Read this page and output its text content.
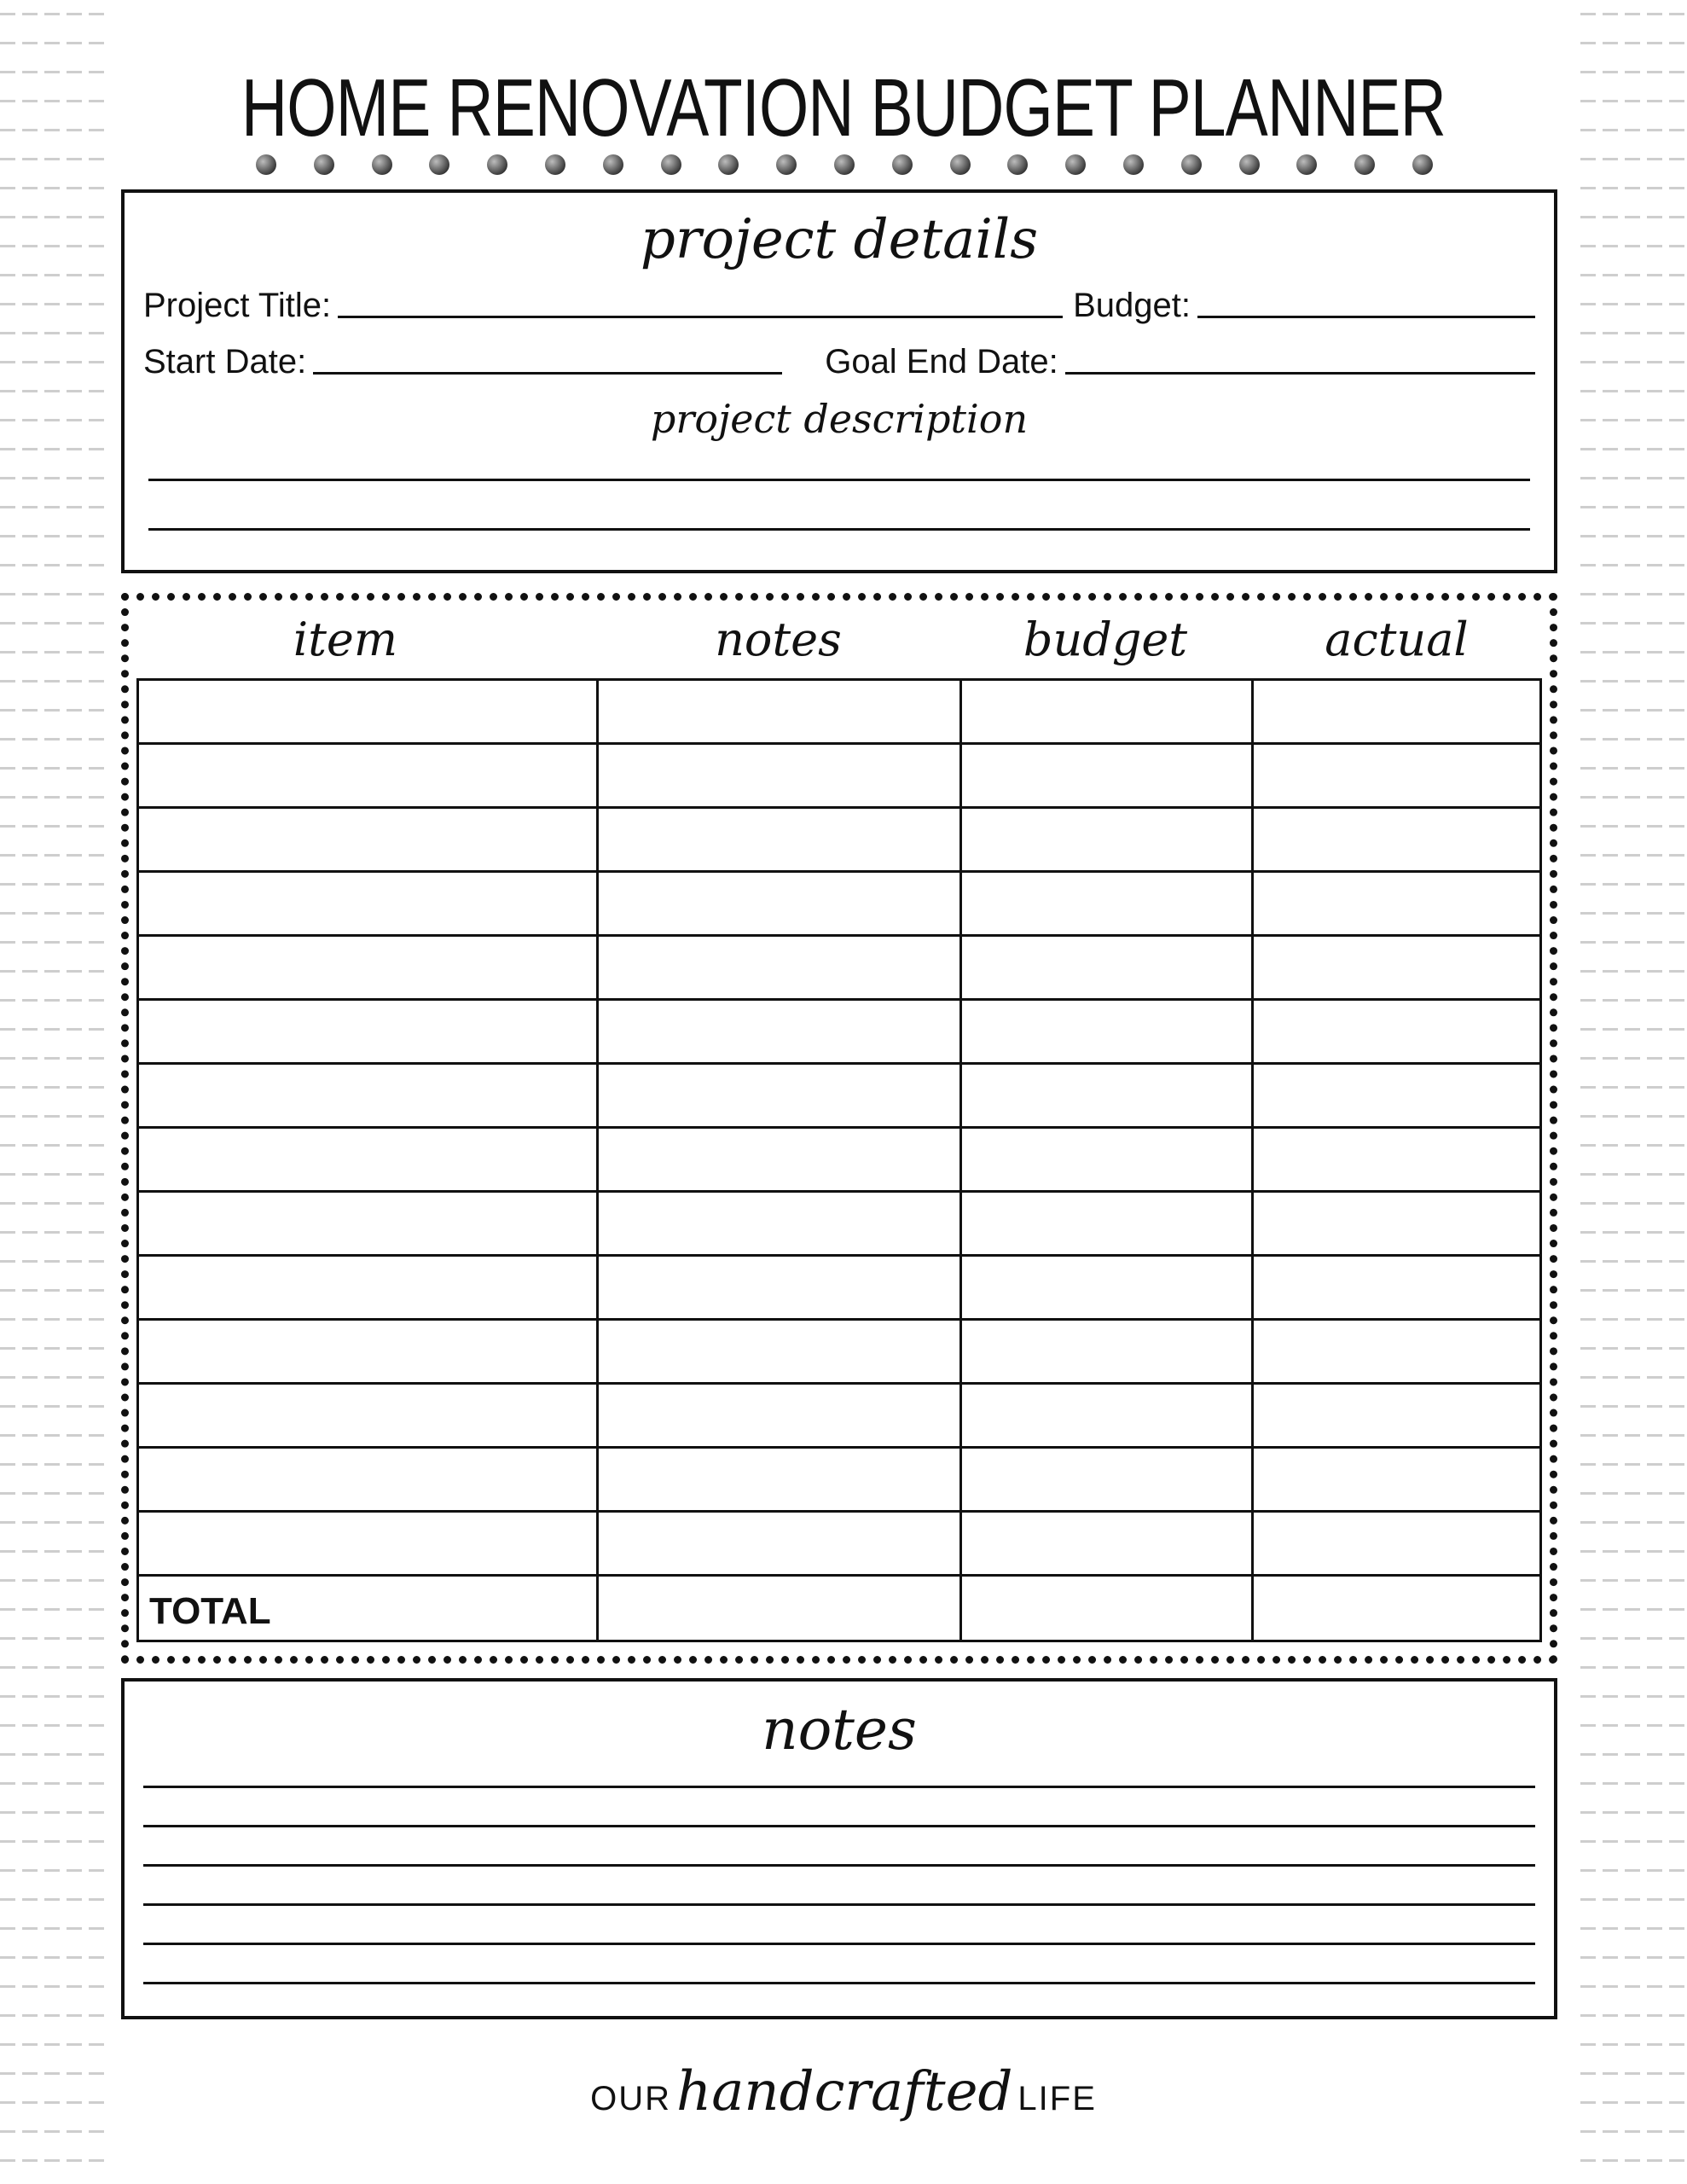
HOME RENOVATION BUDGET PLANNER
project details
Project Title:	Budget:
Start Date:	Goal End Date:
project description
item	notes	budget	actual
TOTAL
notes
OUR handcrafted LIFE
